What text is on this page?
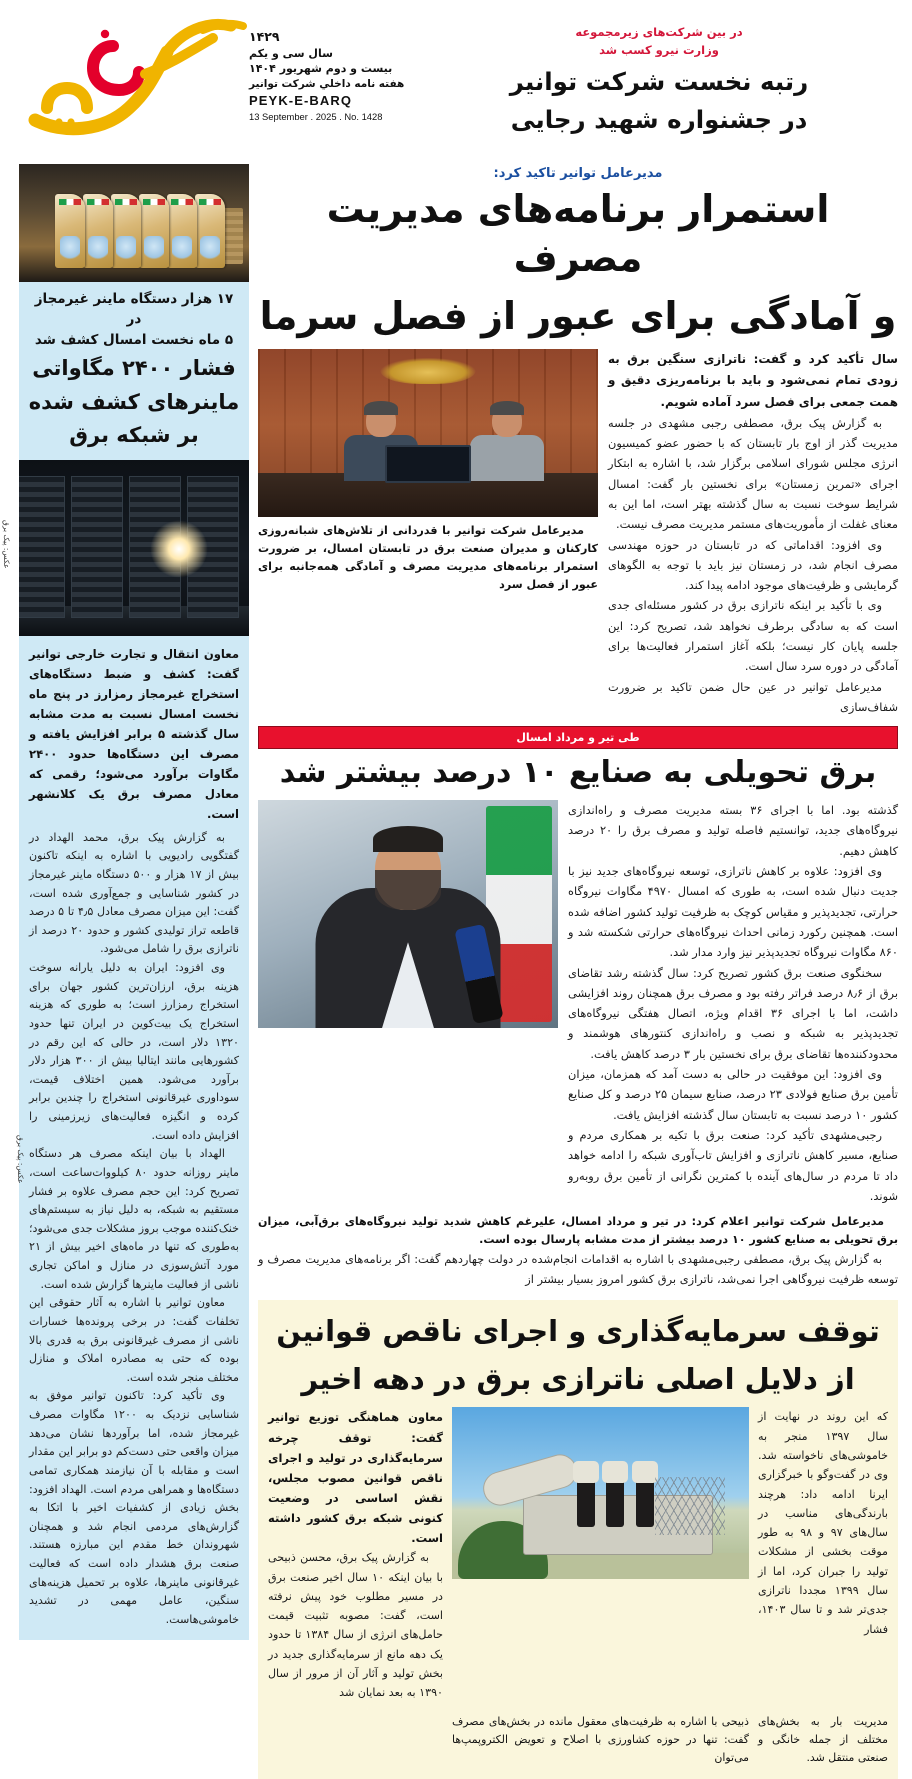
۱۴۲۹
سال سی و یکم
بیست و دوم شهریور ۱۴۰۴
هفته نامه داخلي شركت توانير
PEYK-E-BARQ
13 September . 2025 . No. 1428
در بین شرکت‌های زیرمجموعه
وزارت نیرو کسب شد
رتبه نخست شرکت توانیر
در جشنواره شهید رجایی
مدیرعامل توانیر تاکید کرد:
استمرار برنامه‌های مدیریت مصرف
و آمادگی برای عبور از فصل سرما
سال تأکید کرد و گفت: ناترازی سنگین برق به زودی تمام نمی‌شود و باید با برنامه‌ریزی دقیق و همت جمعی برای فصل سرد آماده شویم.

به گزارش پیک برق، مصطفی رجبی مشهدی در جلسه مدیریت گذر از اوج بار تابستان که با حضور عضو کمیسیون انرژی مجلس شورای اسلامی برگزار شد، با اشاره به ابتکار اجرای «تمرین زمستان» برای نخستین بار گفت: امسال شرایط سوخت نسبت به سال گذشته بهتر است، اما این به معنای غفلت از مأموریت‌های مستمر مدیریت مصرف نیست.

وی افزود: اقداماتی که در تابستان در حوزه مهندسی مصرف انجام شد، در زمستان نیز باید با توجه به الگوهای گرمایشی و ظرفیت‌های موجود ادامه پیدا کند.

وی با تأکید بر اینکه ناترازی برق در کشور مسئله‌ای جدی است که به سادگی برطرف نخواهد شد، تصریح کرد: این جلسه پایان کار نیست؛ بلکه آغاز استمرار فعالیت‌ها برای آمادگی در دوره سرد سال است.

مدیرعامل توانیر در عین حال ضمن تاکید بر ضرورت شفاف‌سازی

مدیرعامل شرکت توانیر با قدردانی از تلاش‌های شبانه‌روزی کارکنان و مدیران صنعت برق در تابستان امسال، بر ضرورت استمرار برنامه‌های مدیریت مصرف و آمادگی همه‌جانبه برای عبور از فصل سرد

طی تیر و مرداد امسال
برق تحویلی به صنایع ۱۰ درصد بیشتر شد

گذشته بود. اما با اجرای ۳۶ بسته مدیریت مصرف و راه‌اندازی نیروگاه‌های جدید، توانستیم فاصله تولید و مصرف برق را ۲۰ درصد کاهش دهیم.

وی افزود: علاوه بر کاهش ناترازی، توسعه نیروگاه‌های جدید نیز با جدیت دنبال شده است، به طوری که امسال ۴۹۷۰ مگاوات نیروگاه حرارتی، تجدیدپذیر و مقیاس کوچک به ظرفیت تولید کشور اضافه شده است. همچنین رکورد زمانی احداث نیروگاه‌های حرارتی شکسته شد و ۸۶۰ مگاوات نیروگاه تجدیدپذیر نیز وارد مدار شد.

سخنگوی صنعت برق کشور تصریح کرد: سال گذشته رشد تقاضای برق از ۸٫۶ درصد فراتر رفته بود و مصرف برق همچنان روند افزایشی داشت، اما با اجرای ۳۶ اقدام ویژه، اتصال هفتگی نیروگاه‌های تجدیدپذیر به شبکه و نصب و راه‌اندازی کنتورهای هوشمند و محدودکننده‌ها تقاضای برق برای نخستین بار ۳ درصد کاهش یافت.

وی افزود: این موفقیت در حالی به دست آمد که همزمان، میزان تأمین برق صنایع فولادی ۲۳ درصد، صنایع سیمان ۲۵ درصد و کل صنایع کشور ۱۰ درصد نسبت به تابستان سال گذشته افزایش یافت.

رجبی‌مشهدی تأکید کرد: صنعت برق با تکیه بر همکاری مردم و صنایع، مسیر کاهش ناترازی و افزایش تاب‌آوری شبکه را ادامه خواهد داد تا مردم در سال‌های آینده با کمترین نگرانی از تأمین برق روبه‌رو شوند.

مدیرعامل شرکت توانیر اعلام کرد: در تیر و مرداد امسال، علیرغم کاهش شدید تولید نیروگاه‌های برق‌آبی، میزان برق تحویلی به صنایع کشور ۱۰ درصد بیشتر از مدت مشابه پارسال بوده است.

به گزارش پیک برق، مصطفی رجبی‌مشهدی با اشاره به اقدامات انجام‌شده در دولت چهاردهم گفت: اگر برنامه‌های مدیریت مصرف و توسعه ظرفیت نیروگاهی اجرا نمی‌شد، ناترازی برق کشور امروز بسیار بیشتر از

توقف سرمایه‌گذاری و اجرای ناقص قوانین
از دلایل اصلی ناترازی برق در دهه اخیر

که این روند در نهایت از سال ۱۳۹۷ منجر به خاموشی‌های ناخواسته شد. وی در گفت‌وگو با خبرگزاری ایرنا ادامه داد: هرچند بارندگی‌های مناسب در سال‌های ۹۷ و ۹۸ به طور موقت بخشی از مشکلات تولید را جبران کرد، اما از سال ۱۳۹۹ مجددا ناترازی جدی‌تر شد و تا سال ۱۴۰۳، فشار

معاون هماهنگی توزیع توانیر گفت: توقف چرخه سرمایه‌گذاری در تولید و اجرای ناقص قوانین مصوب مجلس، نقش اساسی در وضعیت کنونی شبکه برق کشور داشته است.

به گزارش پیک برق، محسن ذبیحی با بیان اینکه ۱۰ سال اخیر صنعت برق در مسیر مطلوب خود پیش نرفته است، گفت: مصوبه تثبیت قیمت حامل‌های انرژی از سال ۱۳۸۴ تا حدود یک دهه مانع از سرمایه‌گذاری جدید در بخش تولید و آثار آن از مرور از سال ۱۳۹۰ به بعد نمایان شد

مدیریت بار به بخش‌های مختلف از جمله خانگی و صنعتی منتقل شد.
ذبیحی با اشاره به ظرفیت‌های معقول مانده در بخش‌های مصرف گفت: تنها در حوزه کشاورزی با اصلاح و تعویض الکتروپمپ‌ها می‌توان
۱۷ هزار دستگاه ماینر غیرمجاز در
۵ ماه نخست امسال کشف شد
فشار ۲۴۰۰ مگاواتی
ماینرهای کشف شده
بر شبکه برق
معاون انتقال و تجارت خارجی توانیر گفت: کشف و ضبط دستگاه‌های استخراج غیرمجاز رمزارز در پنج ماه نخست امسال نسبت به مدت مشابه سال گذشته ۵ برابر افزایش یافته و مصرف این دستگاه‌ها حدود ۲۴۰۰ مگاوات برآورد می‌شود؛ رقمی که معادل مصرف برق یک کلانشهر است.

به گزارش پیک برق، محمد الهداد در گفتگویی رادیویی با اشاره به اینکه تاکنون بیش از ۱۷ هزار و ۵۰۰ دستگاه ماینر غیرمجاز در کشور شناسایی و جمع‌آوری شده است، گفت: این میزان مصرف معادل ۴٫۵ تا ۵ درصد قاطعه تراز تولیدی کشور و حدود ۲۰ درصد از ناترازی برق را شامل می‌شود.

وی افزود: ایران به دلیل یارانه سوخت هزینه برق، ارزان‌ترین کشور جهان برای استخراج رمزارز است؛ به طوری که هزینه استخراج یک بیت‌کوین در ایران تنها حدود ۱۳۲۰ دلار است، در حالی که این رقم در کشورهایی مانند ایتالیا بیش از ۳۰۰ هزار دلار برآورد می‌شود. همین اختلاف قیمت، سوداوری غیرقانونی استخراج را چندین برابر کرده و انگیزه فعالیت‌های زیرزمینی را افزایش داده است.

الهداد با بیان اینکه مصرف هر دستگاه ماینر روزانه حدود ۸۰ کیلووات‌ساعت است، تصریح کرد: این حجم مصرف علاوه بر فشار مستقیم به شبکه، به دلیل نیاز به سیستم‌های خنک‌کننده موجب بروز مشکلات جدی می‌شود؛ به‌طوری که تنها در ماه‌های اخیر بیش از ۲۱ مورد آتش‌سوزی در منازل و اماکن تجاری ناشی از فعالیت ماینرها گزارش شده است.

معاون توانیر با اشاره به آثار حقوقی این تخلفات گفت: در برخی پرونده‌ها خسارات ناشی از مصرف غیرقانونی برق به قدری بالا بوده که حتی به مصادره املاک و منازل مختلف منجر شده است.

وی تأکید کرد: تاکنون توانیر موفق به شناسایی نزدیک به ۱۲۰۰ مگاوات مصرف غیرمجاز شده، اما برآوردها نشان می‌دهد میزان واقعی حتی دست‌کم دو برابر این مقدار است و مقابله با آن نیازمند همکاری تمامی دستگاه‌ها و همراهی مردم است. الهداد افزود: بخش زیادی از کشفیات اخیر با اتکا به گزارش‌های مردمی انجام شد و همچنان شهروندان خط مقدم این مبارزه هستند. صنعت برق هشدار داده است که فعالیت غیرقانونی ماینرها، علاوه بر تحمیل هزینه‌های سنگین، عامل مهمی در تشدید خاموشی‌هاست.

عکس: پیک برق
عکس: پیک برق
